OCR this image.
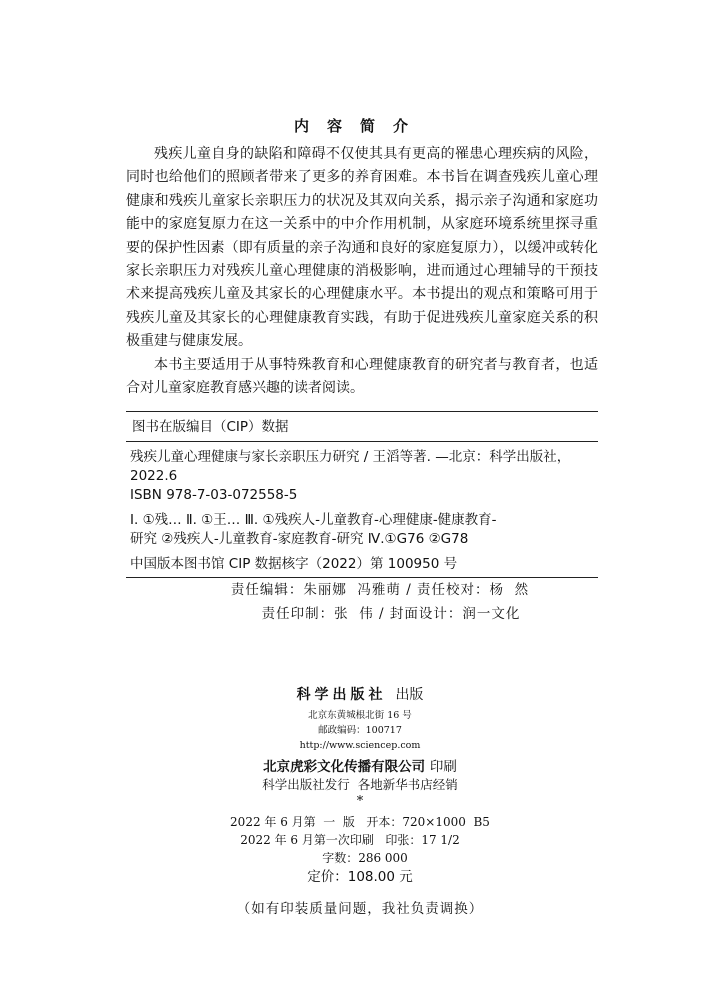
内容简介

残疾儿童自身的缺陷和障碍不仅使其具有更高的罹患心理疾病的风险，同时也给他们的照顾者带来了更多的养育困难。本书旨在调查残疾儿童心理健康和残疾儿童家长亲职压力的状况及其双向关系，揭示亲子沟通和家庭功能中的家庭复原力在这一关系中的中介作用机制，从家庭环境系统里探寻重要的保护性因素（即有质量的亲子沟通和良好的家庭复原力），以缓冲或转化家长亲职压力对残疾儿童心理健康的消极影响，进而通过心理辅导的干预技术来提高残疾儿童及其家长的心理健康水平。本书提出的观点和策略可用于残疾儿童及其家长的心理健康教育实践，有助于促进残疾儿童家庭关系的积极重建与健康发展。

本书主要适用于从事特殊教育和心理健康教育的研究者与教育者，也适合对儿童家庭教育感兴趣的读者阅读。

图书在版编目（CIP）数据
残疾儿童心理健康与家长亲职压力研究 / 王滔等著. —北京：科学出版社，
2022.6
ISBN 978-7-03-072558-5
Ⅰ. ①残… Ⅱ. ①王… Ⅲ. ①残疾人-儿童教育-心理健康-健康教育-
研究 ②残疾人-儿童教育-家庭教育-研究 Ⅳ.①G76 ②G78
中国版本图书馆 CIP 数据核字（2022）第 100950 号
责任编辑：朱丽娜  冯雅萌 / 责任校对：杨  然
责任印制：张  伟 / 封面设计：润一文化
科学出版社 出版
北京东黄城根北街 16 号
邮政编码：100717
http://www.sciencep.com
北京虎彩文化传播有限公司 印刷
科学出版社发行  各地新华书店经销
*
2022 年 6 月第  一  版   开本：720×1000  B5
2022 年 6 月第一次印刷   印张：17 1/2
字数：286 000
定价：108.00 元
（如有印装质量问题，我社负责调换）
